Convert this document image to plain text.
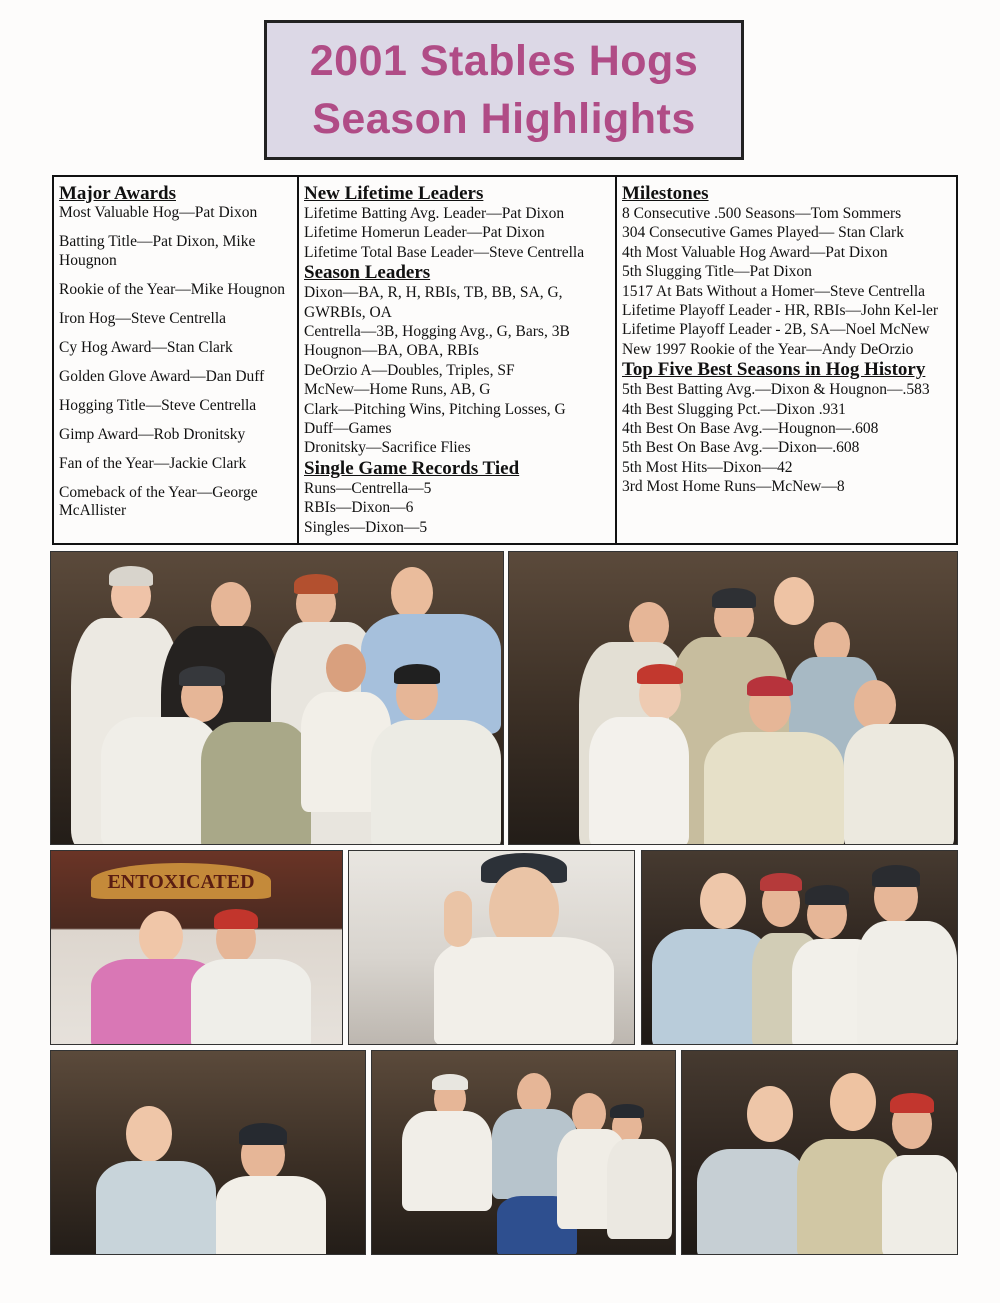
2001 Stables Hogs
Season Highlights
Major Awards
Most Valuable Hog—Pat Dixon
Batting Title—Pat Dixon, Mike Hougnon
Rookie of the Year—Mike Hougnon
Iron Hog—Steve Centrella
Cy Hog Award—Stan Clark
Golden Glove Award—Dan Duff
Hogging Title—Steve Centrella
Gimp Award—Rob Dronitsky
Fan of the Year—Jackie Clark
Comeback of the Year—George McAllister
New Lifetime Leaders
Lifetime Batting Avg. Leader—Pat Dixon
Lifetime Homerun Leader—Pat Dixon
Lifetime Total Base Leader—Steve Centrella
Season Leaders
Dixon—BA, R, H, RBIs, TB, BB, SA, G, GWRBIs, OA
Centrella—3B, Hogging Avg., G, Bars, 3B
Hougnon—BA, OBA, RBIs
DeOrzio A—Doubles, Triples, SF
McNew—Home Runs, AB, G
Clark—Pitching Wins, Pitching Losses, G
Duff—Games
Dronitsky—Sacrifice Flies
Single Game Records Tied
Runs—Centrella—5
RBIs—Dixon—6
Singles—Dixon—5
Milestones
8 Consecutive .500 Seasons—Tom Sommers
304 Consecutive Games Played— Stan Clark
4th Most Valuable Hog Award—Pat Dixon
5th Slugging Title—Pat Dixon
1517 At Bats Without a Homer—Steve Centrella
Lifetime Playoff Leader - HR, RBIs—John Kel-ler
Lifetime Playoff Leader - 2B, SA—Noel McNew
New 1997 Rookie of the Year—Andy DeOrzio
Top Five Best Seasons in Hog History
5th Best Batting Avg.—Dixon & Hougnon—.583
4th Best Slugging Pct.—Dixon .931
4th Best On Base Avg.—Hougnon—.608
5th Best On Base Avg.—Dixon—.608
5th Most Hits—Dixon—42
3rd Most Home Runs—McNew—8
ENTOXICATED
